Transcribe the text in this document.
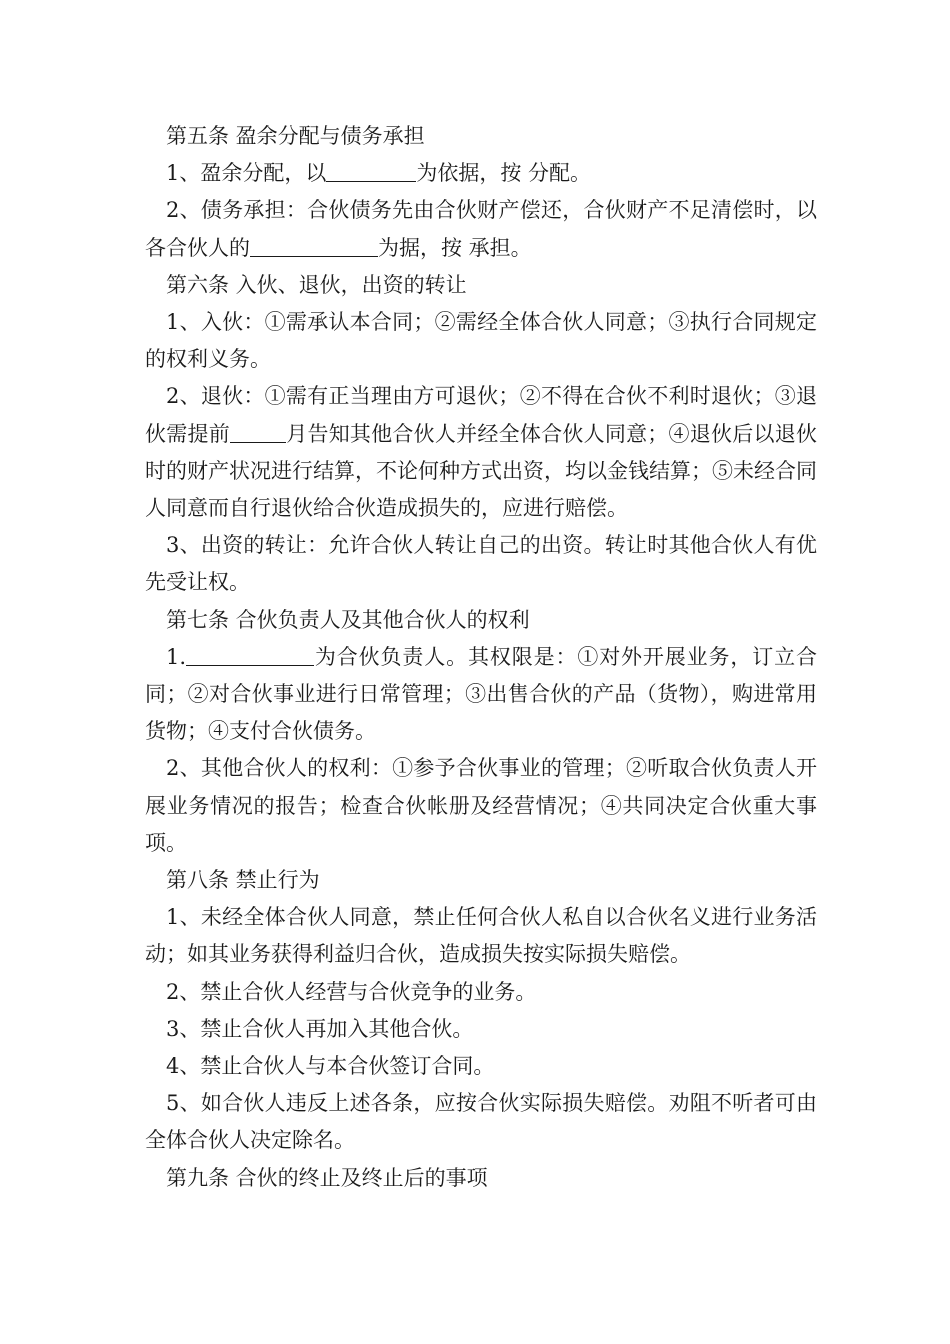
第五条 盈余分配与债务承担

1、盈余分配，以	为依据，按 分配。

2、债务承担：合伙债务先由合伙财产偿还，合伙财产不足清偿时，以各合伙人的	为据，按 承担。

第六条 入伙、退伙，出资的转让

1、入伙：①需承认本合同；②需经全体合伙人同意；③执行合同规定的权利义务。

2、退伙：①需有正当理由方可退伙；②不得在合伙不利时退伙；③退伙需提前	月告知其他合伙人并经全体合伙人同意；④退伙后以退伙时的财产状况进行结算，不论何种方式出资，均以金钱结算；⑤未经合同人同意而自行退伙给合伙造成损失的，应进行赔偿。

3、出资的转让：允许合伙人转让自己的出资。转让时其他合伙人有优先受让权。

第七条 合伙负责人及其他合伙人的权利

1.	为合伙负责人。其权限是：①对外开展业务，订立合同；②对合伙事业进行日常管理；③出售合伙的产品（货物），购进常用货物；④支付合伙债务。

2、其他合伙人的权利：①参予合伙事业的管理；②听取合伙负责人开展业务情况的报告；检查合伙帐册及经营情况；④共同决定合伙重大事项。

第八条 禁止行为

1、未经全体合伙人同意，禁止任何合伙人私自以合伙名义进行业务活动；如其业务获得利益归合伙，造成损失按实际损失赔偿。

2、禁止合伙人经营与合伙竞争的业务。

3、禁止合伙人再加入其他合伙。

4、禁止合伙人与本合伙签订合同。

5、如合伙人违反上述各条，应按合伙实际损失赔偿。劝阻不听者可由全体合伙人决定除名。

第九条 合伙的终止及终止后的事项
